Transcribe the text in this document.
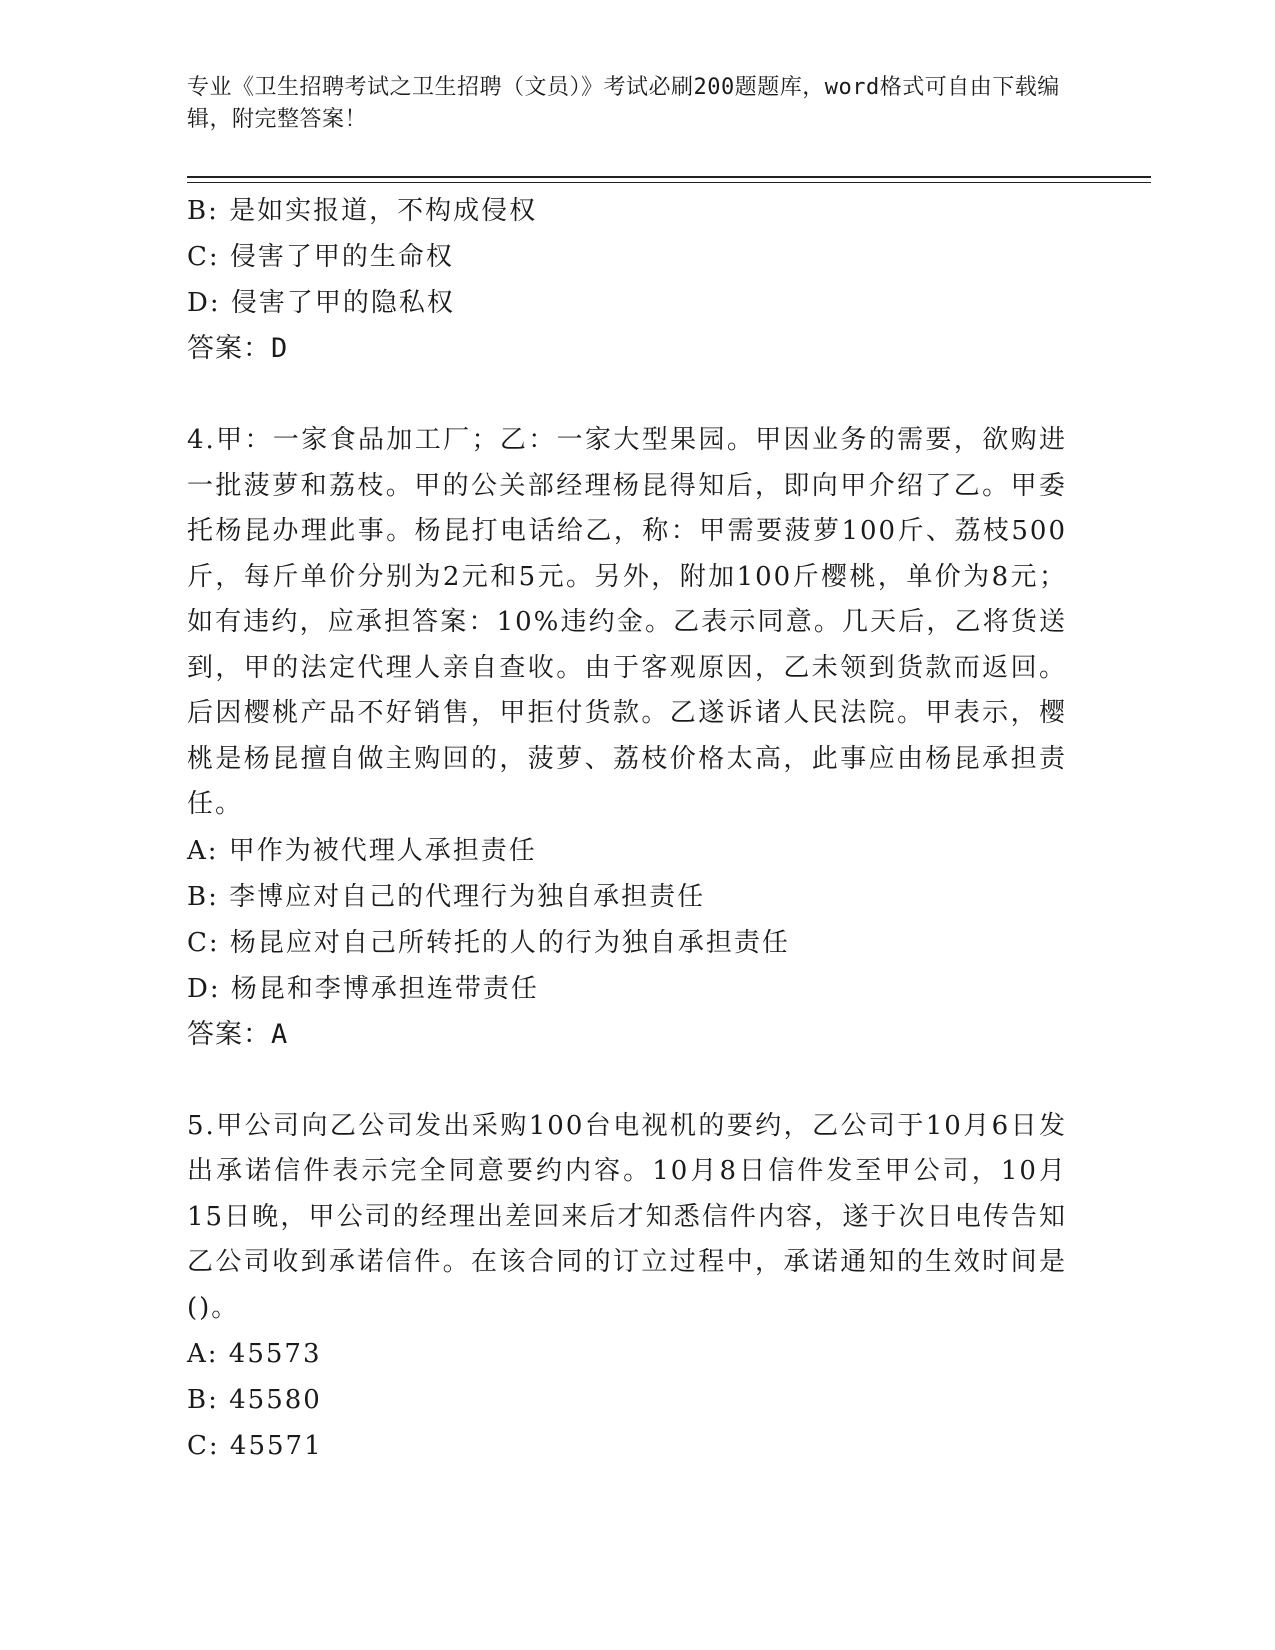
专业《卫生招聘考试之卫生招聘（文员）》考试必刷200题题库，word格式可自由下载编辑，附完整答案！
B: 是如实报道，不构成侵权
C: 侵害了甲的生命权
D: 侵害了甲的隐私权
答案：D

4.甲：一家食品加工厂；乙：一家大型果园。甲因业务的需要，欲购进一批菠萝和荔枝。甲的公关部经理杨昆得知后，即向甲介绍了乙。甲委托杨昆办理此事。杨昆打电话给乙，称：甲需要菠萝100斤、荔枝500斤，每斤单价分别为2元和5元。另外，附加100斤樱桃，单价为8元；如有违约，应承担答案：10%违约金。乙表示同意。几天后，乙将货送到，甲的法定代理人亲自查收。由于客观原因，乙未领到货款而返回。后因樱桃产品不好销售，甲拒付货款。乙遂诉诸人民法院。甲表示，樱桃是杨昆擅自做主购回的，菠萝、荔枝价格太高，此事应由杨昆承担责任。

A: 甲作为被代理人承担责任
B: 李博应对自己的代理行为独自承担责任
C: 杨昆应对自己所转托的人的行为独自承担责任
D: 杨昆和李博承担连带责任
答案：A

5.甲公司向乙公司发出采购100台电视机的要约，乙公司于10月6日发出承诺信件表示完全同意要约内容。10月8日信件发至甲公司，10月15日晚，甲公司的经理出差回来后才知悉信件内容，遂于次日电传告知乙公司收到承诺信件。在该合同的订立过程中，承诺通知的生效时间是()。

A: 45573
B: 45580
C: 45571
